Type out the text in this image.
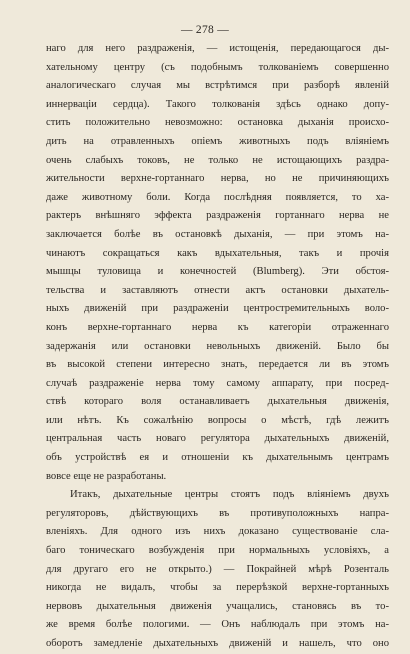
— 278 —
наго для него раздраженія, — истощенія, передающагося ды-
хательному центру (съ подобнымъ толкованіемъ совершенно
аналогическаго случая мы встрѣтимся при разборѣ явленій
иннервацiи сердца). Такого толкованія здѣсь однако допу-
стить положительно невозможно: остановка дыханія происхо-
дить на отравленныхъ опіемъ животныхъ подъ вліяніемъ
очень слабыхъ токовъ, не только не истощающихъ раздра-
жительности верхне-гортаннаго нерва, но не причиняющихъ
даже животному боли. Когда послѣдняя появляется, то ха-
рактеръ внѣшняго эффекта раздраженія гортаннаго нерва не
заключается болѣе въ остановкѣ дыханія, — при этомъ на-
чинаютъ сокращаться какъ вдыхательныя, такъ и прочія
мышцы туловища и конечностей (Blumberg). Эти обстоя-
тельства и заставляютъ отнести актъ остановки дыхатель-
ныхъ движеній при раздраженіи центростремительныхъ воло-
конъ верхне-гортаннаго нерва къ категоріи отраженнаго
задержанія или остановки невольныхъ движеній. Было бы
въ высокой степени интересно знать, передается ли въ этомъ
случаѣ раздраженіе нерва тому самому аппарату, при посред-
ствѣ котораго воля останавливаетъ дыхательныя движенія,
или нѣтъ. Къ сожалѣнію вопросы о мѣстѣ, гдѣ лежитъ
центральная часть новаго регулятора дыхательныхъ движеній,
объ устройствѣ ея и отношеніи къ дыхательнымъ центрамъ
вовсе еще не разработаны.
Итакъ, дыхательные центры стоятъ подъ вліяніемъ двухъ
регуляторовъ, дѣйствующихъ въ противуположныхъ напра-
вленіяхъ. Для одного изъ нихъ доказано существованіе сла-
баго тоническаго возбужденія при нормальныхъ условіяхъ, а
для другаго его не открыто.) — Покрайней мѣрѣ Розенталь
никогда не видалъ, чтобы за перерѣзкой верхне-гортанныхъ
нервовъ дыхательныя движенія учащались, становясь въ то-
же время болѣе пологими. — Онъ наблюдалъ при этомъ на-
оборотъ замедленіе дыхательныхъ движеній и нашелъ, что оно
